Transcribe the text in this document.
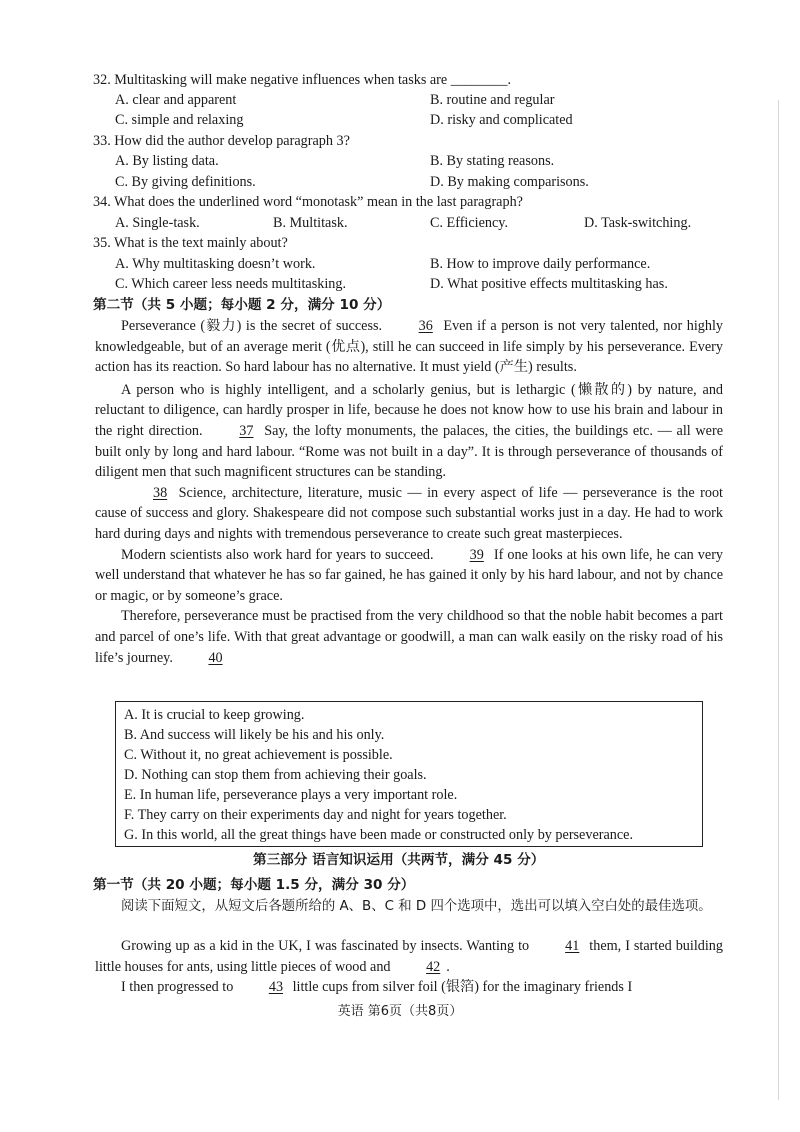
32. Multitasking will make negative influences when tasks are ________.
A. clear and apparent	B. routine and regular
C. simple and relaxing	D. risky and complicated
33. How did the author develop paragraph 3?
A. By listing data.	B. By stating reasons.
C. By giving definitions.	D. By making comparisons.
34. What does the underlined word “monotask” mean in the last paragraph?
A. Single-task.	B. Multitask.	C. Efficiency.	D. Task-switching.
35. What is the text mainly about?
A. Why multitasking doesn’t work.	B. How to improve daily performance.
C. Which career less needs multitasking.	D. What positive effects multitasking has.
第二节（共 5 小题；每小题 2 分，满分 10 分）

Perseverance (毅力) is the secret of success.	36 Even if a person is not very talented, nor highly knowledgeable, but of an average merit (优点), still he can succeed in life simply by his perseverance. Every action has its reaction. So hard labour has no alternative. It must yield (产生) results.

A person who is highly intelligent, and a scholarly genius, but is lethargic (懒散的) by nature, and reluctant to diligence, can hardly prosper in life, because he does not know how to use his brain and labour in the right direction.	37 Say, the lofty monuments, the palaces, the cities, the buildings etc. — all were built only by long and hard labour. “Rome was not built in a day”. It is through perseverance of thousands of diligent men that such magnificent structures can be standing.

38 Science, architecture, literature, music — in every aspect of life — perseverance is the root cause of success and glory. Shakespeare did not compose such substantial works just in a day. He had to work hard during days and nights with tremendous perseverance to create such great masterpieces.

Modern scientists also work hard for years to succeed.	39 If one looks at his own life, he can very well understand that whatever he has so far gained, he has gained it only by his hard labour, and not by chance or magic, or by someone’s grace.

Therefore, perseverance must be practised from the very childhood so that the noble habit becomes a part and parcel of one’s life. With that great advantage or goodwill, a man can walk easily on the risky road of his life’s journey.	40

A. It is crucial to keep growing.
B. And success will likely be his and his only.
C. Without it, no great achievement is possible.
D. Nothing can stop them from achieving their goals.
E. In human life, perseverance plays a very important role.
F. They carry on their experiments day and night for years together.
G. In this world, all the great things have been made or constructed only by perseverance.
第三部分 语言知识运用（共两节，满分 45 分）
第一节（共 20 小题；每小题 1.5 分，满分 30 分）

阅读下面短文，从短文后各题所给的 A、B、C 和 D 四个选项中，选出可以填入空白处的最佳选项。

Growing up as a kid in the UK, I was fascinated by insects. Wanting to	41 them, I started building little houses for ants, using little pieces of wood and	42 .

I then progressed to	43 little cups from silver foil (银箔) for the imaginary friends I

英语 第6页（共8页）
